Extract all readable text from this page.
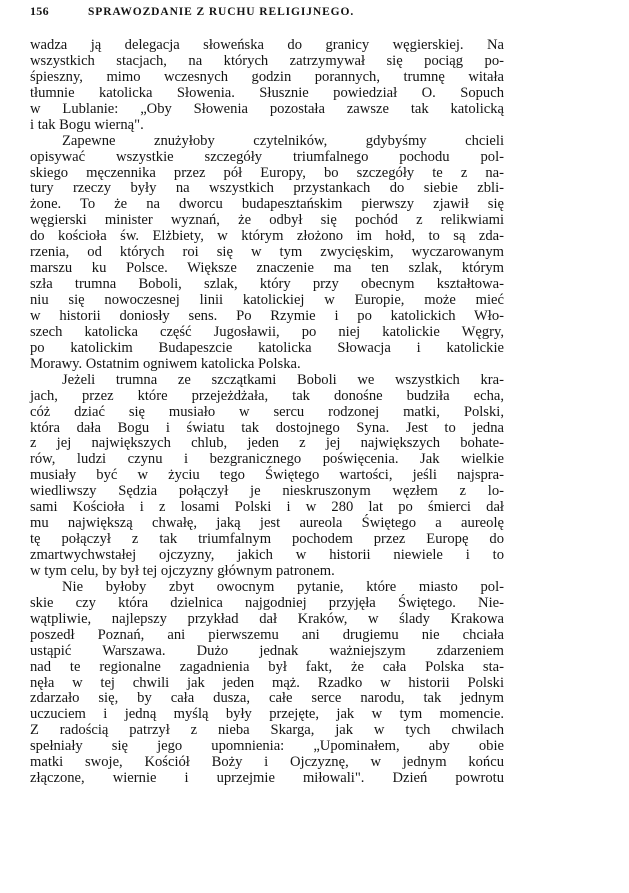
156	SPRAWOZDANIE Z RUCHU RELIGIJNEGO.
wadza ją delegacja słoweńska do granicy węgierskiej. Na
wszystkich stacjach, na których zatrzymywał się pociąg po-
śpieszny, mimo wczesnych godzin porannych, trumnę witała
tłumnie katolicka Słowenia. Słusznie powiedział O. Sopuch
w Lublanie: „Oby Słowenia pozostała zawsze tak katolicką
i tak Bogu wierną".
Zapewne znużyłoby czytelników, gdybyśmy chcieli
opisywać wszystkie szczegóły triumfalnego pochodu pol-
skiego męczennika przez pół Europy, bo szczegóły te z na-
tury rzeczy były na wszystkich przystankach do siebie zbli-
żone. To że na dworcu budapesztańskim pierwszy zjawił się
węgierski minister wyznań, że odbył się pochód z relikwiami
do kościoła św. Elżbiety, w którym złożono im hołd, to są zda-
rzenia, od których roi się w tym zwycięskim, wyczarowanym
marszu ku Polsce. Większe znaczenie ma ten szlak, którym
szła trumna Boboli, szlak, który przy obecnym kształtowa-
niu się nowoczesnej linii katolickiej w Europie, może mieć
w historii doniosły sens. Po Rzymie i po katolickich Wło-
szech katolicka część Jugosławii, po niej katolickie Węgry,
po katolickim Budapeszcie katolicka Słowacja i katolickie
Morawy. Ostatnim ogniwem katolicka Polska.
Jeżeli trumna ze szczątkami Boboli we wszystkich kra-
jach, przez które przejeżdżała, tak donośne budziła echa,
cóż dziać się musiało w sercu rodzonej matki, Polski,
która dała Bogu i światu tak dostojnego Syna. Jest to jedna
z jej największych chlub, jeden z jej największych bohate-
rów, ludzi czynu i bezgranicznego poświęcenia. Jak wielkie
musiały być w życiu tego Świętego wartości, jeśli najspra-
wiedliwszy Sędzia połączył je nieskruszonym węzłem z lo-
sami Kościoła i z losami Polski i w 280 lat po śmierci dał
mu największą chwałę, jaką jest aureola Świętego a aureolę
tę połączył z tak triumfalnym pochodem przez Europę do
zmartwychwstałej ojczyzny, jakich w historii niewiele i to
w tym celu, by był tej ojczyzny głównym patronem.
Nie byłoby zbyt owocnym pytanie, które miasto pol-
skie czy która dzielnica najgodniej przyjęła Świętego. Nie-
wątpliwie, najlepszy przykład dał Kraków, w ślady Krakowa
poszedł Poznań, ani pierwszemu ani drugiemu nie chciała
ustąpić Warszawa. Dużo jednak ważniejszym zdarzeniem
nad te regionalne zagadnienia był fakt, że cała Polska sta-
nęła w tej chwili jak jeden mąż. Rzadko w historii Polski
zdarzało się, by cała dusza, całe serce narodu, tak jednym
uczuciem i jedną myślą były przejęte, jak w tym momencie.
Z radością patrzył z nieba Skarga, jak w tych chwilach
spełniały się jego upomnienia: „Upominałem, aby obie
matki swoje, Kościół Boży i Ojczyznę, w jednym końcu
złączone, wiernie i uprzejmie miłowali". Dzień powrotu
